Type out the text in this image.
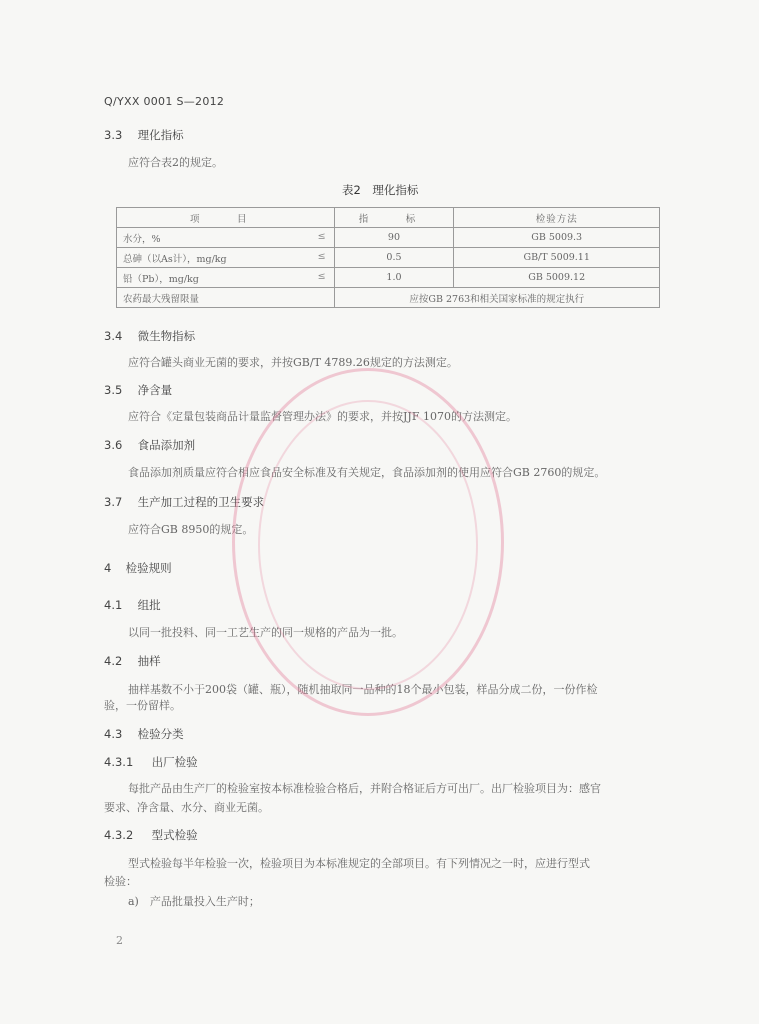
Q/YXX 0001 S—2012
3.3 理化指标
应符合表2的规定。
表2　理化指标
项　目	指　标	检验方法
水分，% ≤	90	GB 5009.3
总砷（以As计），mg/kg ≤	0.5	GB/T 5009.11
铅（Pb），mg/kg ≤	1.0	GB 5009.12
农药最大残留限量	应按GB 2763和相关国家标准的规定执行	
3.4 微生物指标
应符合罐头商业无菌的要求，并按GB/T 4789.26规定的方法测定。
3.5 净含量
应符合《定量包装商品计量监督管理办法》的要求，并按JJF 1070的方法测定。
3.6 食品添加剂
食品添加剂质量应符合相应食品安全标准及有关规定，食品添加剂的使用应符合GB 2760的规定。
3.7 生产加工过程的卫生要求
应符合GB 8950的规定。
4 检验规则
4.1 组批
以同一批投料、同一工艺生产的同一规格的产品为一批。
4.2 抽样
抽样基数不小于200袋（罐、瓶），随机抽取同一品种的18个最小包装，样品分成二份，一份作检
验，一份留样。
4.3 检验分类
4.3.1 出厂检验
每批产品由生产厂的检验室按本标准检验合格后，并附合格证后方可出厂。出厂检验项目为：感官
要求、净含量、水分、商业无菌。
4.3.2 型式检验
型式检验每半年检验一次，检验项目为本标准规定的全部项目。有下列情况之一时，应进行型式
检验：
a)　产品批量投入生产时；
2
